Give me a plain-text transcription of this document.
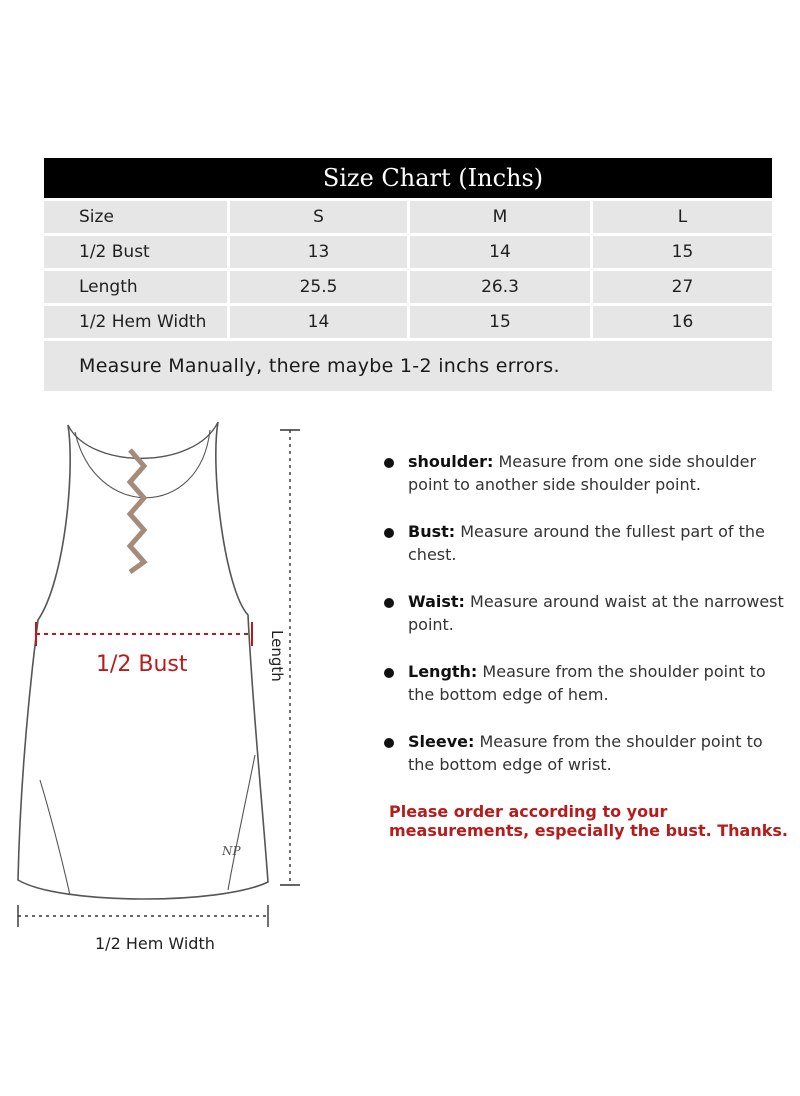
Size Chart (Inchs)
Size	S	M	L
1/2 Bust	13	14	15
Length	25.5	26.3	27
1/2 Hem Width	14	15	16
Measure Manually, there maybe 1-2 inchs errors.
NP
1/2 Bust	Length
1/2 Hem Width
shoulder: Measure from one side shoulder point to another side shoulder point.
Bust: Measure around the fullest part of the chest.
Waist: Measure around waist at the narrowest point.
Length: Measure from the shoulder point to the bottom edge of hem.
Sleeve: Measure from the shoulder point to the bottom edge of wrist.
Please order according to your measurements, especially the bust. Thanks.
